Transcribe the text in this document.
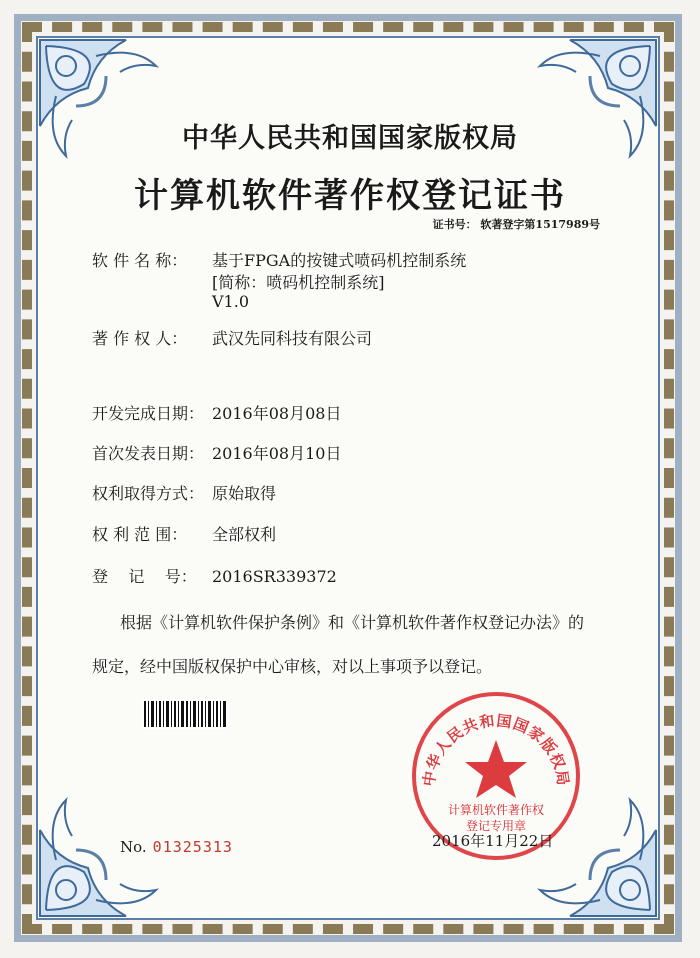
中华人民共和国国家版权局
计算机软件著作权登记证书
证书号： 软著登字第1517989号
软 件 名 称： 基于FPGA的按键式喷码机控制系统
[简称：喷码机控制系统]
V1.0
著 作 权 人： 武汉先同科技有限公司
开发完成日期： 2016年08月08日
首次发表日期： 2016年08月10日
权利取得方式： 原始取得
权 利 范 围： 全部权利
登    记    号： 2016SR339372
根据《计算机软件保护条例》和《计算机软件著作权登记办法》的
规定，经中国版权保护中心审核，对以上事项予以登记。
No. 01325313
中华人民共和国国家版权局
计算机软件著作权
登记专用章
2016年11月22日
